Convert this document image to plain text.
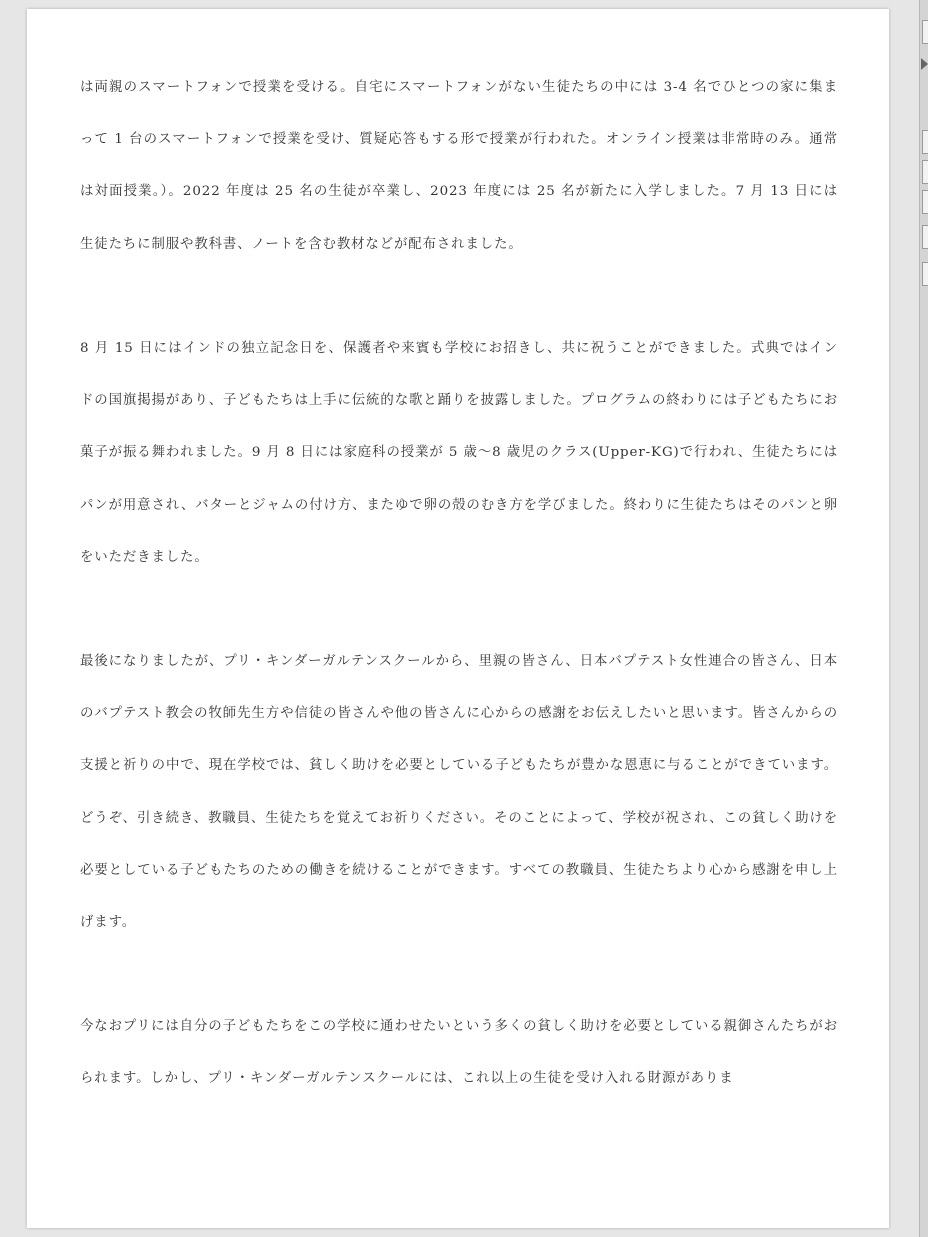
は両親のスマートフォンで授業を受ける。自宅にスマートフォンがない生徒たちの中には 3-4 名でひとつの家に集まって 1 台のスマートフォンで授業を受け、質疑応答もする形で授業が行われた。オンライン授業は非常時のみ。通常は対面授業。）。2022 年度は 25 名の生徒が卒業し、2023 年度には 25 名が新たに入学しました。7 月 13 日には生徒たちに制服や教科書、ノートを含む教材などが配布されました。

8 月 15 日にはインドの独立記念日を、保護者や来賓も学校にお招きし、共に祝うことができました。式典ではインドの国旗掲揚があり、子どもたちは上手に伝統的な歌と踊りを披露しました。プログラムの終わりには子どもたちにお菓子が振る舞われました。9 月 8 日には家庭科の授業が 5 歳〜8 歳児のクラス(Upper-KG)で行われ、生徒たちにはパンが用意され、バターとジャムの付け方、またゆで卵の殻のむき方を学びました。終わりに生徒たちはそのパンと卵をいただきました。

最後になりましたが、プリ・キンダーガルテンスクールから、里親の皆さん、日本バプテスト女性連合の皆さん、日本のバプテスト教会の牧師先生方や信徒の皆さんや他の皆さんに心からの感謝をお伝えしたいと思います。皆さんからの支援と祈りの中で、現在学校では、貧しく助けを必要としている子どもたちが豊かな恩恵に与ることができています。どうぞ、引き続き、教職員、生徒たちを覚えてお祈りください。そのことによって、学校が祝され、この貧しく助けを必要としている子どもたちのための働きを続けることができます。すべての教職員、生徒たちより心から感謝を申し上げます。

今なおプリには自分の子どもたちをこの学校に通わせたいという多くの貧しく助けを必要としている親御さんたちがおられます。しかし、プリ・キンダーガルテンスクールには、これ以上の生徒を受け入れる財源がありま
